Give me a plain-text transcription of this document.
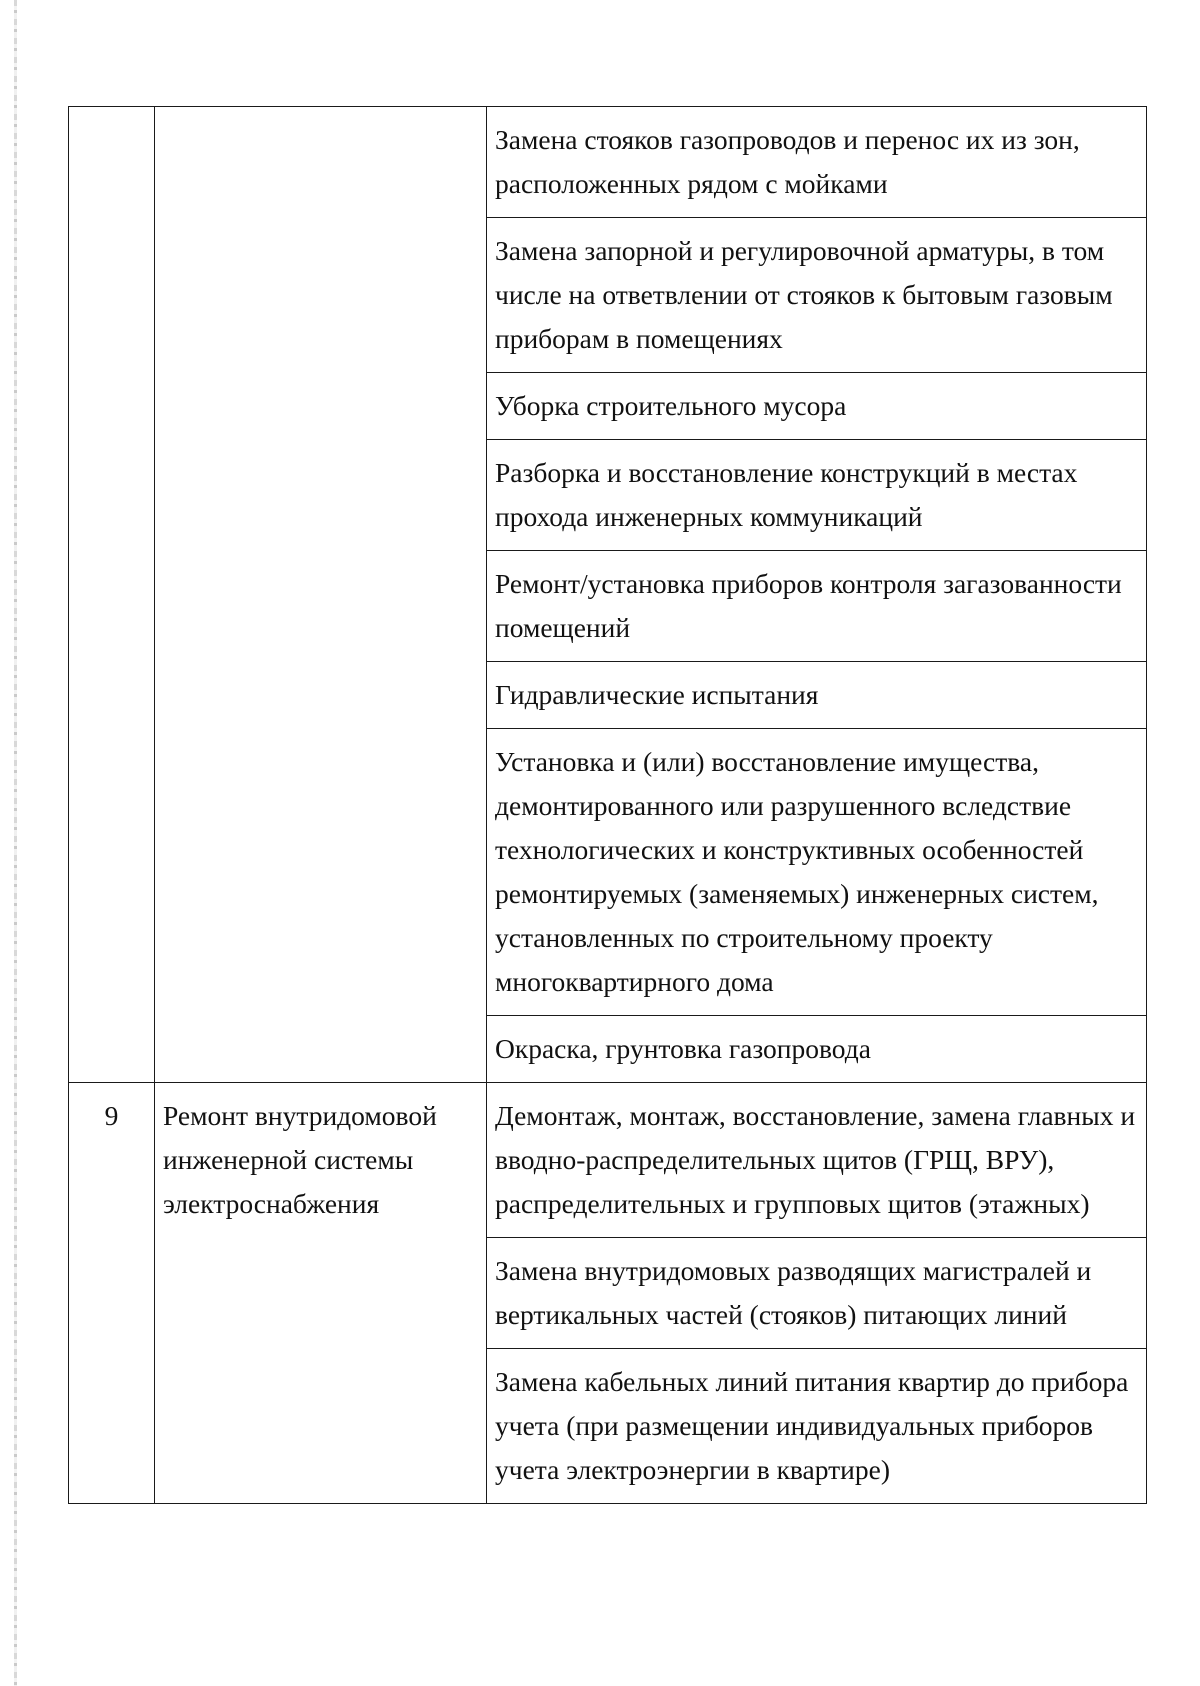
		Замена стояков газопроводов и перенос их из зон, расположенных рядом с мойками

		Замена запорной и регулировочной арматуры, в том числе на ответвлении от стояков к бытовым газовым приборам в помещениях

		Уборка строительного мусора

		Разборка и восстановление конструкций в местах прохода инженерных коммуникаций

		Ремонт/установка приборов контроля загазованности помещений

		Гидравлические испытания

		Установка и (или) восстановление имущества, демонтированного или разрушенного вследствие технологических и конструктивных особенностей ремонтируемых (заменяемых) инженерных систем, установленных по строительному проекту многоквартирного дома

		Окраска, грунтовка газопровода

9	Ремонт внутридомовой инженерной системы электроснабжения	Демонтаж, монтаж, восстановление, замена главных и вводно-распределительных щитов (ГРЩ, ВРУ), распределительных и групповых щитов (этажных)

		Замена внутридомовых разводящих магистралей и вертикальных частей (стояков) питающих линий

		Замена кабельных линий питания квартир до прибора учета (при размещении индивидуальных приборов учета электроэнергии в квартире)
